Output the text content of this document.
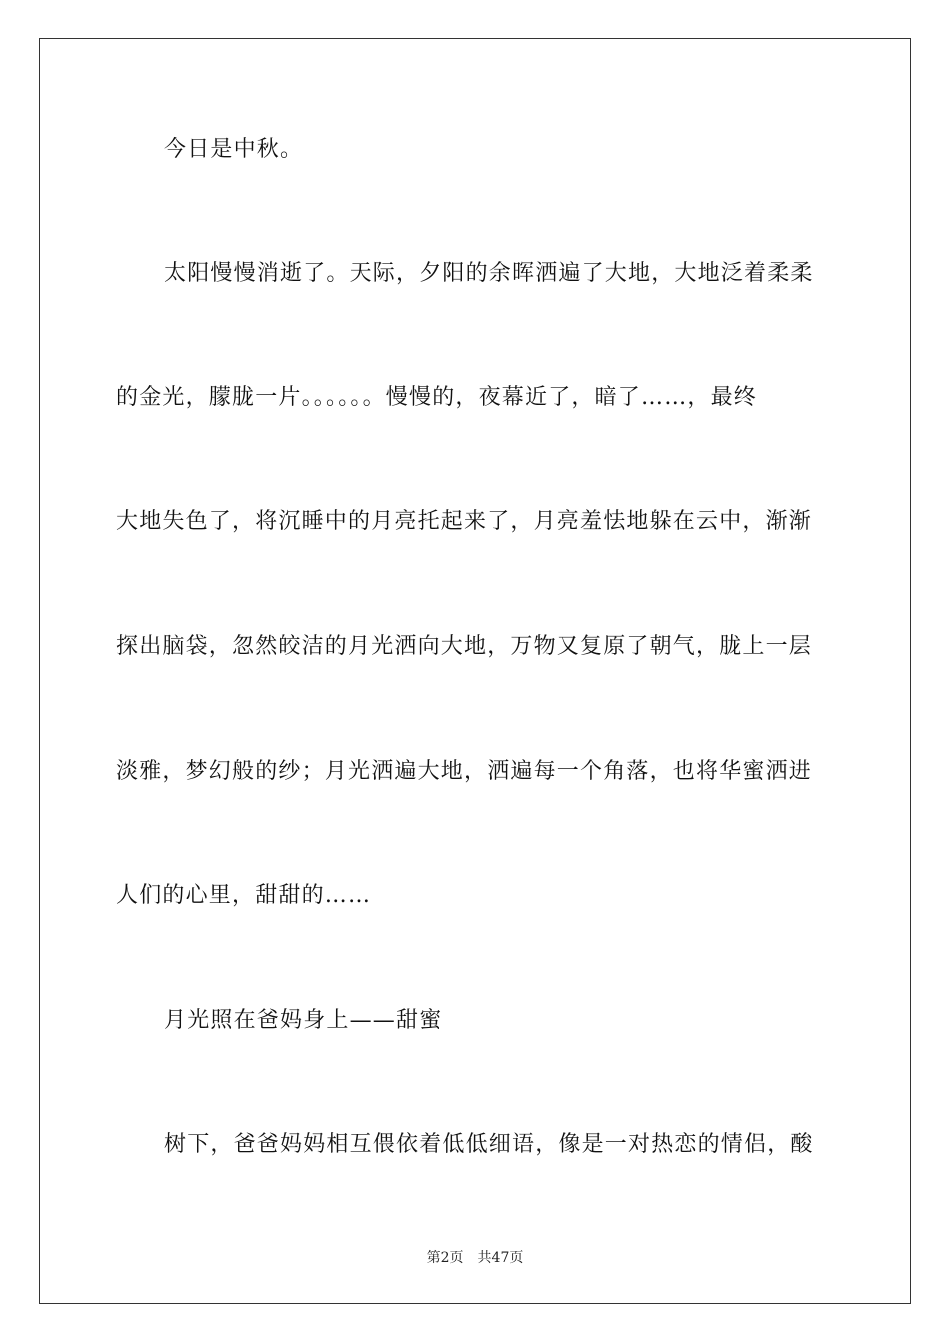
今日是中秋。
太阳慢慢消逝了。天际，夕阳的余晖洒遍了大地，大地泛着柔柔
的金光，朦胧一片。。。。。。慢慢的，夜幕近了，暗了……，最终
大地失色了，将沉睡中的月亮托起来了，月亮羞怯地躲在云中，渐渐
探出脑袋，忽然皎洁的月光洒向大地，万物又复原了朝气，胧上一层
淡雅，梦幻般的纱；月光洒遍大地，洒遍每一个角落，也将华蜜洒进
人们的心里，甜甜的……
月光照在爸妈身上——甜蜜
树下，爸爸妈妈相互偎依着低低细语，像是一对热恋的情侣，酸
第2页 共47页
